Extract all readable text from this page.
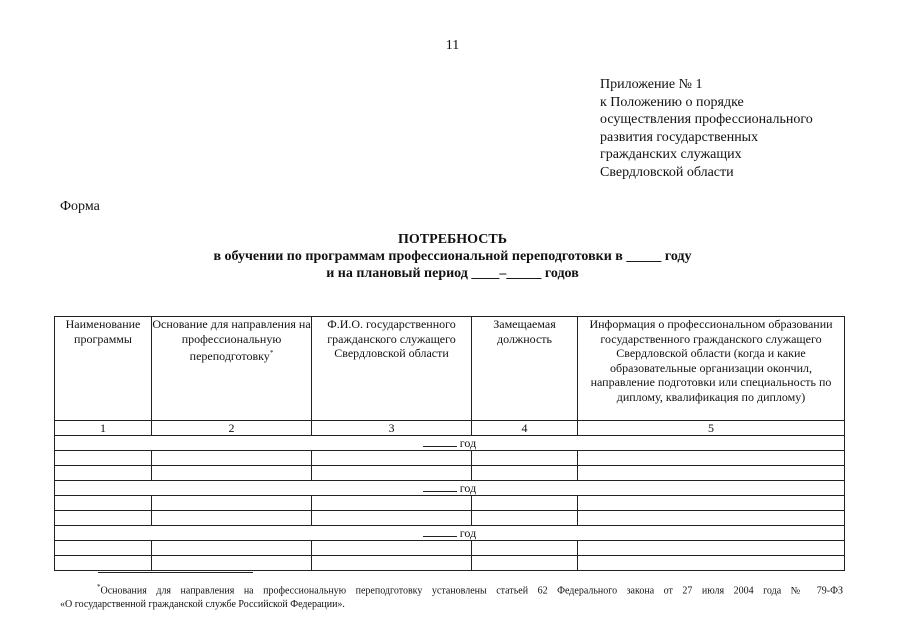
11
Приложение № 1
к Положению о порядке
осуществления профессионального
развития государственных
гражданских служащих
Свердловской области
Форма
ПОТРЕБНОСТЬ
в обучении по программам профессиональной переподготовки в _____ году
и на плановый период ____–_____ годов
Наименование программы	Основание для направления на профессиональную переподготовку*	Ф.И.О. государственного гражданского служащего Свердловской области	Замещаемая должность	Информация о профессиональном образовании государственного гражданского служащего Свердловской области (когда и какие образовательные организации окончил, направление подготовки или специальность по диплому, квалификация по диплому)
1	2	3	4	5
год				

год				

год				

*Основания для направления на профессиональную переподготовку установлены статьей 62 Федерального закона от 27 июля 2004 года № 79-ФЗ
«О государственной гражданской службе Российской Федерации».
